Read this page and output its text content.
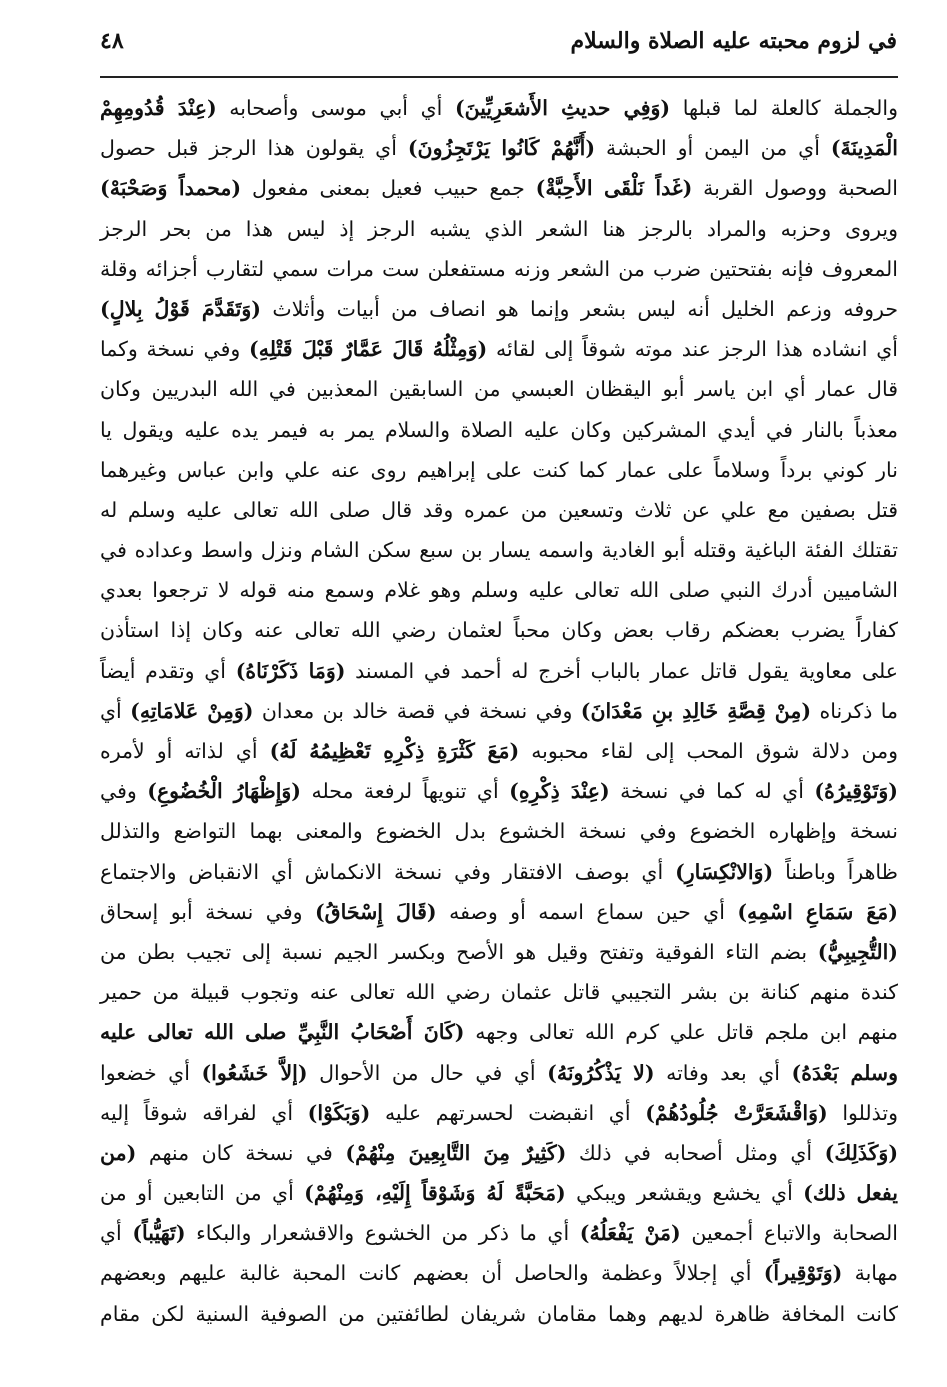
في لزوم محبته عليه الصلاة والسلام
٤٨
والجملة كالعلة لما قبلها (وَفِي حديثِ الأَشعَرِيِّينَ) أي أبي موسى وأصحابه (عِنْدَ قُدُومِهِمْ
الْمَدِينَةَ) أي من اليمن أو الحبشة (أَنَّهُمْ كَانُوا يَرْتَجِزُونَ) أي يقولون هذا الرجز قبل حصول
الصحبة ووصول القربة (غَداً نَلْقَى الأَحِبَّةْ) جمع حبيب فعيل بمعنى مفعول (محمداً وَصَحْبَهْ)
ويروى وحزبه والمراد بالرجز هنا الشعر الذي يشبه الرجز إذ ليس هذا من بحر الرجز
المعروف فإنه بفتحتين ضرب من الشعر وزنه مستفعلن ست مرات سمي لتقارب أجزائه وقلة
حروفه وزعم الخليل أنه ليس بشعر وإنما هو انصاف من أبيات وأثلاث (وَتَقَدَّمَ قَوْلُ بِلالٍ)
أي انشاده هذا الرجز عند موته شوقاً إلى لقائه (وَمِثْلُهُ قَالَ عَمَّارٌ قَبْلَ قَتْلِهِ) وفي نسخة وكما
قال عمار أي ابن ياسر أبو اليقظان العبسي من السابقين المعذبين في الله البدريين وكان
معذباً بالنار في أيدي المشركين وكان عليه الصلاة والسلام يمر به فيمر يده عليه ويقول يا
نار كوني برداً وسلاماً على عمار كما كنت على إبراهيم روى عنه علي وابن عباس وغيرهما
قتل بصفين مع علي عن ثلاث وتسعين من عمره وقد قال صلى الله تعالى عليه وسلم له
تقتلك الفئة الباغية وقتله أبو الغادية واسمه يسار بن سبع سكن الشام ونزل واسط وعداده في
الشاميين أدرك النبي صلى الله تعالى عليه وسلم وهو غلام وسمع منه قوله لا ترجعوا بعدي
كفاراً يضرب بعضكم رقاب بعض وكان محباً لعثمان رضي الله تعالى عنه وكان إذا استأذن
على معاوية يقول قاتل عمار بالباب أخرج له أحمد في المسند (وَمَا ذَكَرْنَاهُ) أي وتقدم أيضاً
ما ذكرناه (مِنْ قِصَّةِ خَالِدِ بنِ مَعْدَانَ) وفي نسخة في قصة خالد بن معدان (وَمِنْ عَلامَاتِهِ) أي
ومن دلالة شوق المحب إلى لقاء محبوبه (مَعَ كَثْرَةِ ذِكْرِهِ تَعْظِيمُهُ لَهُ) أي لذاته أو لأمره
(وَتَوْقِيرُهُ) أي له كما في نسخة (عِنْدَ ذِكْرِهِ) أي تنويهاً لرفعة محله (وَإِظْهَارُ الْخُضُوعِ) وفي
نسخة وإظهاره الخضوع وفي نسخة الخشوع بدل الخضوع والمعنى بهما التواضع والتذلل
ظاهراً وباطناً (وَالانْكِسَارِ) أي بوصف الافتقار وفي نسخة الانكماش أي الانقباض والاجتماع
(مَعَ سَمَاعِ اسْمِهِ) أي حين سماع اسمه أو وصفه (قَالَ إِسْحَاقُ) وفي نسخة أبو إسحاق
(التُّجِيبِيُّ) بضم التاء الفوقية وتفتح وقيل هو الأصح وبكسر الجيم نسبة إلى تجيب بطن من
كندة منهم كنانة بن بشر التجيبي قاتل عثمان رضي الله تعالى عنه وتجوب قبيلة من حمير
منهم ابن ملجم قاتل علي كرم الله تعالى وجهه (كَانَ أَصْحَابُ النَّبِيِّ صلى الله تعالى عليه
وسلم بَعْدَهُ) أي بعد وفاته (لا يَذْكُرُونَهُ) أي في حال من الأحوال (إلاَّ خَشَعُوا) أي خضعوا
وتذللوا (وَاقْشَعَرَّتْ جُلُودُهُمْ) أي انقبضت لحسرتهم عليه (وَبَكَوْا) أي لفراقه شوقاً إليه
(وَكَذَلِكَ) أي ومثل أصحابه في ذلك (كَثِيرٌ مِنَ التَّابِعِينَ مِنْهُمْ) في نسخة كان منهم (من
يفعل ذلك) أي يخشع ويقشعر ويبكي (مَحَبَّةً لَهُ وَشَوْقاً إِلَيْهِ، وَمِنْهُمْ) أي من التابعين أو من
الصحابة والاتباع أجمعين (مَنْ يَفْعَلُهُ) أي ما ذكر من الخشوع والاقشعرار والبكاء (تَهَيُّباً) أي
مهابة (وَتَوْقِيراً) أي إجلالاً وعظمة والحاصل أن بعضهم كانت المحبة غالبة عليهم وبعضهم
كانت المخافة ظاهرة لديهم وهما مقامان شريفان لطائفتين من الصوفية السنية لكن مقام
